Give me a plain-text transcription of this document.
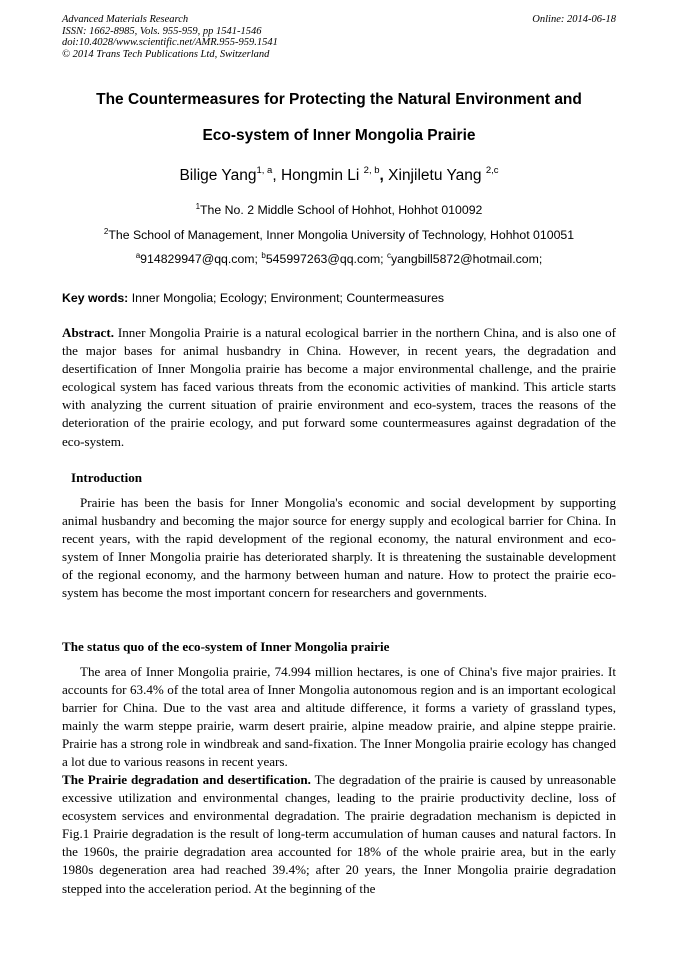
Advanced Materials Research
ISSN: 1662-8985, Vols. 955-959, pp 1541-1546
doi:10.4028/www.scientific.net/AMR.955-959.1541
© 2014 Trans Tech Publications Ltd, Switzerland
Online: 2014-06-18
The Countermeasures for Protecting the Natural Environment and
Eco-system of Inner Mongolia Prairie
Bilige Yang$^{1, a}$, Hongmin Li $^{2, b}$, Xinjiletu Yang $^{2,c}$
$^1$The No. 2 Middle School of Hohhot, Hohhot 010092
$^2$The School of Management, Inner Mongolia University of Technology, Hohhot 010051
$^a$914829947@qq.com; $^b$545997263@qq.com; $^c$yangbill5872@hotmail.com;
Key words: Inner Mongolia; Ecology; Environment; Countermeasures
Abstract. Inner Mongolia Prairie is a natural ecological barrier in the northern China, and is also one of the major bases for animal husbandry in China. However, in recent years, the degradation and desertification of Inner Mongolia prairie has become a major environmental challenge, and the prairie ecological system has faced various threats from the economic activities of mankind. This article starts with analyzing the current situation of prairie environment and eco-system, traces the reasons of the deterioration of the prairie ecology, and put forward some countermeasures against degradation of the eco-system.
Introduction
Prairie has been the basis for Inner Mongolia's economic and social development by supporting animal husbandry and becoming the major source for energy supply and ecological barrier for China. In recent years, with the rapid development of the regional economy, the natural environment and eco-system of Inner Mongolia prairie has deteriorated sharply. It is threatening the sustainable development of the regional economy, and the harmony between human and nature. How to protect the prairie eco-system has become the most important concern for researchers and governments.
The status quo of the eco-system of Inner Mongolia prairie
The area of Inner Mongolia prairie, 74.994 million hectares, is one of China's five major prairies. It accounts for 63.4% of the total area of Inner Mongolia autonomous region and is an important ecological barrier for China. Due to the vast area and altitude difference, it forms a variety of grassland types, mainly the warm steppe prairie, warm desert prairie, alpine meadow prairie, and alpine steppe prairie. Prairie has a strong role in windbreak and sand-fixation. The Inner Mongolia prairie ecology has changed a lot due to various reasons in recent years.
The Prairie degradation and desertification. The degradation of the prairie is caused by unreasonable excessive utilization and environmental changes, leading to the prairie productivity decline, loss of ecosystem services and environmental degradation. The prairie degradation mechanism is depicted in Fig.1 Prairie degradation is the result of long-term accumulation of human causes and natural factors. In the 1960s, the prairie degradation area accounted for 18% of the whole prairie area, but in the early 1980s degeneration area had reached 39.4%; after 20 years, the Inner Mongolia prairie degradation stepped into the acceleration period. At the beginning of the
